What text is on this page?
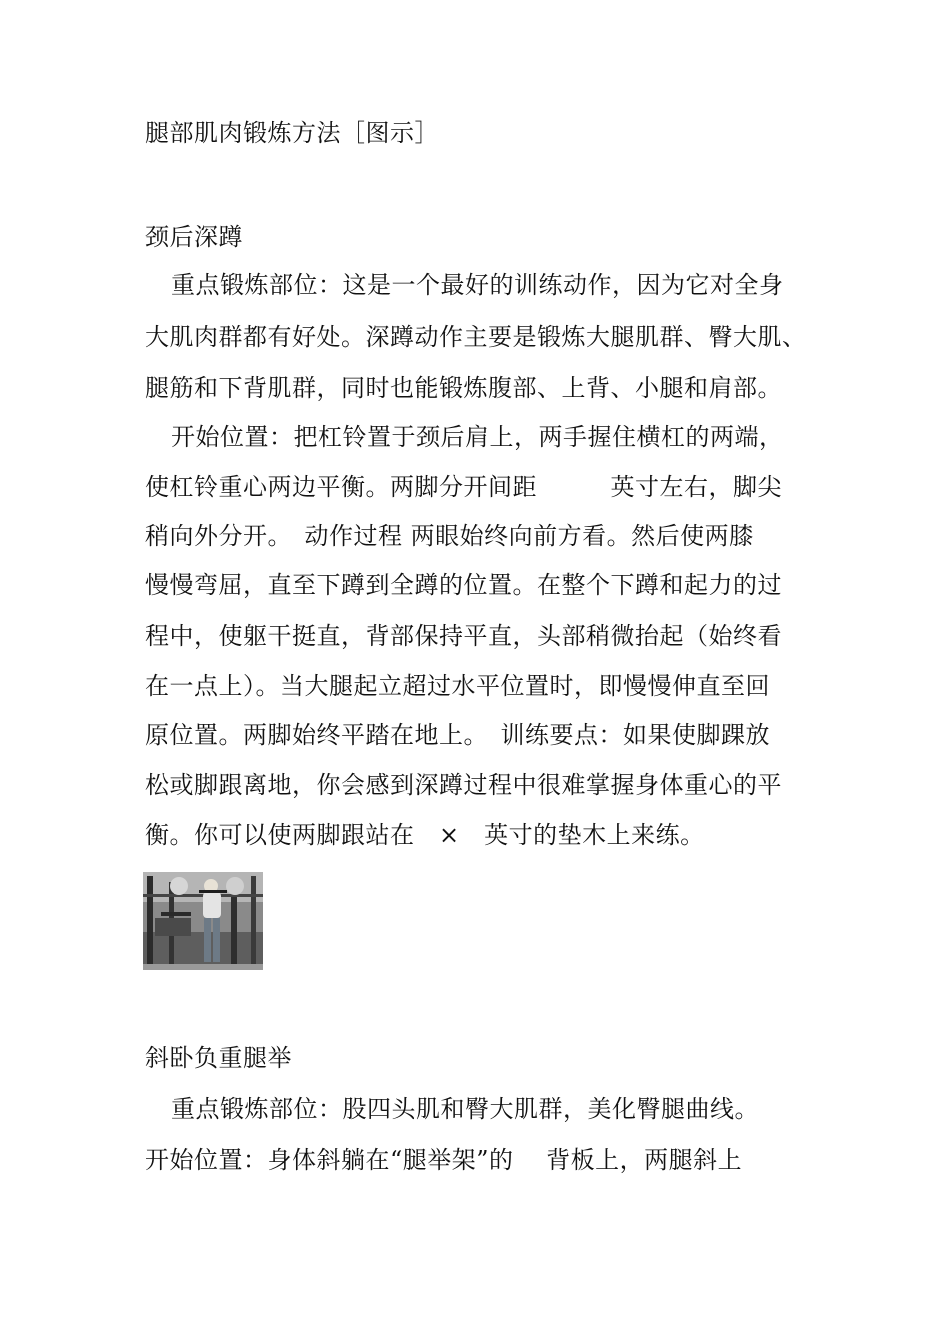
腿部肌肉锻炼方法［图示］
颈后深蹲
重点锻炼部位：这是一个最好的训练动作，因为它对全身
大肌肉群都有好处。深蹲动作主要是锻炼大腿肌群、臀大肌、
腿筋和下背肌群，同时也能锻炼腹部、上背、小腿和肩部。
开始位置：把杠铃置于颈后肩上，两手握住横杠的两端，
使杠铃重心两边平衡。两脚分开间距　　　英寸左右，脚尖
稍向外分开。　动作过程 两眼始终向前方看。然后使两膝
慢慢弯屈，直至下蹲到全蹲的位置。在整个下蹲和起力的过
程中，使躯干挺直，背部保持平直，头部稍微抬起（始终看
在一点上）。当大腿起立超过水平位置时，即慢慢伸直至回
原位置。两脚始终平踏在地上。　训练要点：如果使脚踝放
松或脚跟离地，你会感到深蹲过程中很难掌握身体重心的平
衡。你可以使两脚跟站在　×　英寸的垫木上来练。
斜卧负重腿举
重点锻炼部位：股四头肌和臀大肌群，美化臀腿曲线。
开始位置：身体斜躺在“腿举架”的　 背板上，两腿斜上
